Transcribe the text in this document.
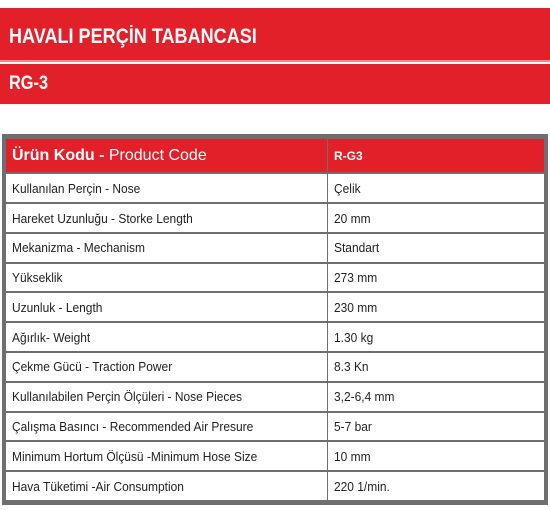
HAVALI PERÇİN TABANCASI
RG-3
Ürün Kodu - Product Code	R-G3
Kullanılan Perçin - Nose	Çelik
Hareket Uzunluğu - Storke Length	20 mm
Mekanizma - Mechanism	Standart
Yükseklik	273 mm
Uzunluk - Length	230 mm
Ağırlık- Weight	1.30 kg
Çekme Gücü - Traction Power	8.3 Kn
Kullanılabilen Perçin Ölçüleri - Nose Pieces	3,2-6,4 mm
Çalışma Basıncı - Recommended Air Presure	5-7 bar
Minimum Hortum Ölçüsü -Minimum Hose Size	10 mm
Hava Tüketimi -Air Consumption	220 1/min.
